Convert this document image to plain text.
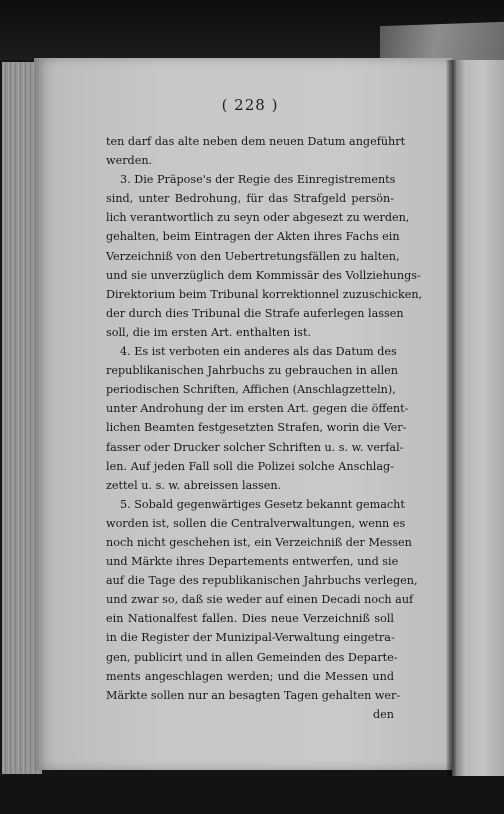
( 228 )
ten darf das alte neben dem neuen Datum angeführt
werden.
3. Die Präpose's der Regie des Einregistrements
sind, unter Bedrohung, für das Strafgeld persön-
lich verantwortlich zu seyn oder abgesezt zu werden,
gehalten, beim Eintragen der Akten ihres Fachs ein
Verzeichniß von den Uebertretungsfällen zu halten,
und sie unverzüglich dem Kommissär des Vollziehungs-
Direktorium beim Tribunal korrektionnel zuzuschicken,
der durch dies Tribunal die Strafe auferlegen lassen
soll, die im ersten Art. enthalten ist.
4. Es ist verboten ein anderes als das Datum des
republikanischen Jahrbuchs zu gebrauchen in allen
periodischen Schriften, Affichen (Anschlagzetteln),
unter Androhung der im ersten Art. gegen die öffent-
lichen Beamten festgesetzten Strafen, worin die Ver-
fasser oder Drucker solcher Schriften u. s. w. verfal-
len. Auf jeden Fall soll die Polizei solche Anschlag-
zettel u. s. w. abreissen lassen.
5. Sobald gegenwärtiges Gesetz bekannt gemacht
worden ist, sollen die Centralverwaltungen, wenn es
noch nicht geschehen ist, ein Verzeichniß der Messen
und Märkte ihres Departements entwerfen, und sie
auf die Tage des republikanischen Jahrbuchs verlegen,
und zwar so, daß sie weder auf einen Decadi noch auf
ein Nationalfest fallen. Dies neue Verzeichniß soll
in die Register der Munizipal-Verwaltung eingetra-
gen, publicirt und in allen Gemeinden des Departe-
ments angeschlagen werden; und die Messen und
Märkte sollen nur an besagten Tagen gehalten wer-
den
